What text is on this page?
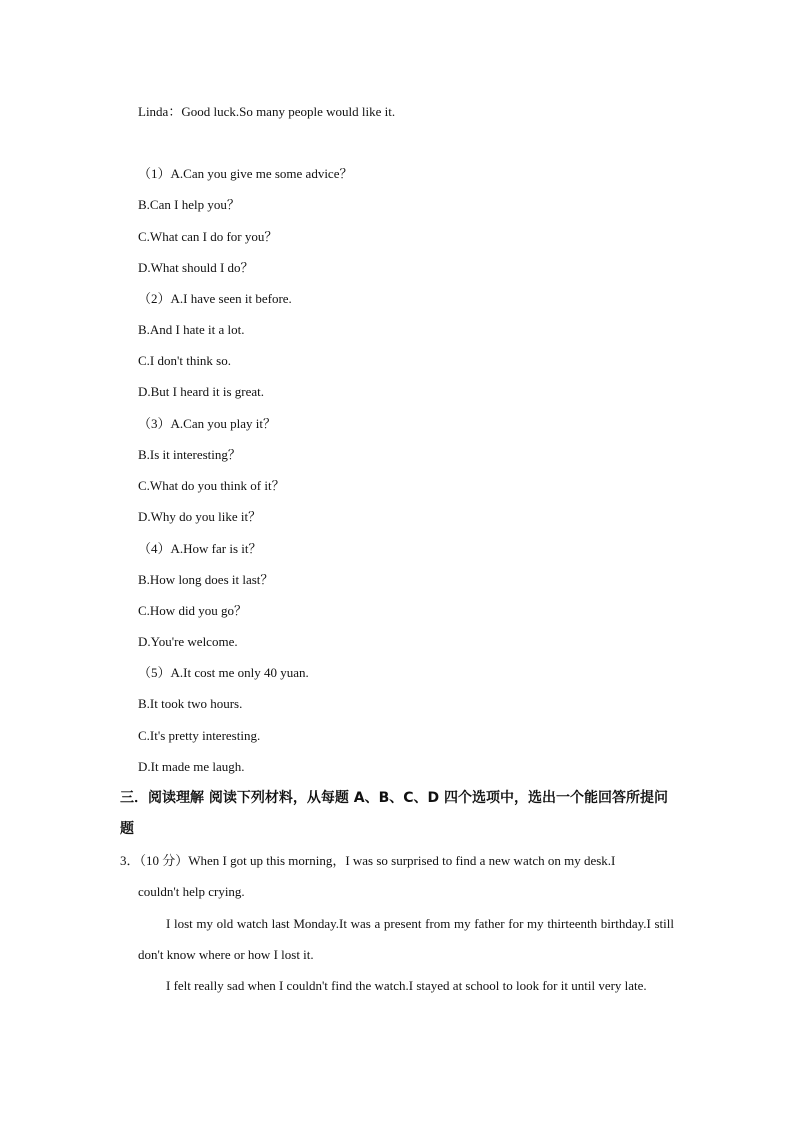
Linda：Good luck.So many people would like it.
（1）A.Can you give me some advice？
B.Can I help you？
C.What can I do for you？
D.What should I do？
（2）A.I have seen it before.
B.And I hate it a lot.
C.I don't think so.
D.But I heard it is great.
（3）A.Can you play it？
B.Is it interesting？
C.What do you think of it？
D.Why do you like it？
（4）A.How far is it？
B.How long does it last？
C.How did you go？
D.You're welcome.
（5）A.It cost me only 40 yuan.
B.It took two hours.
C.It's pretty interesting.
D.It made me laugh.
三．阅读理解 阅读下列材料，从每题 A、B、C、D 四个选项中，选出一个能回答所提问
题
3．（10 分）When I got up this morning，I was so surprised to find a new watch on my desk.I
couldn't help crying.
I lost my old watch last Monday.It was a present from my father for my thirteenth birthday.I still don't know where or how I lost it.
I felt really sad when I couldn't find the watch.I stayed at school to look for it until very late.
